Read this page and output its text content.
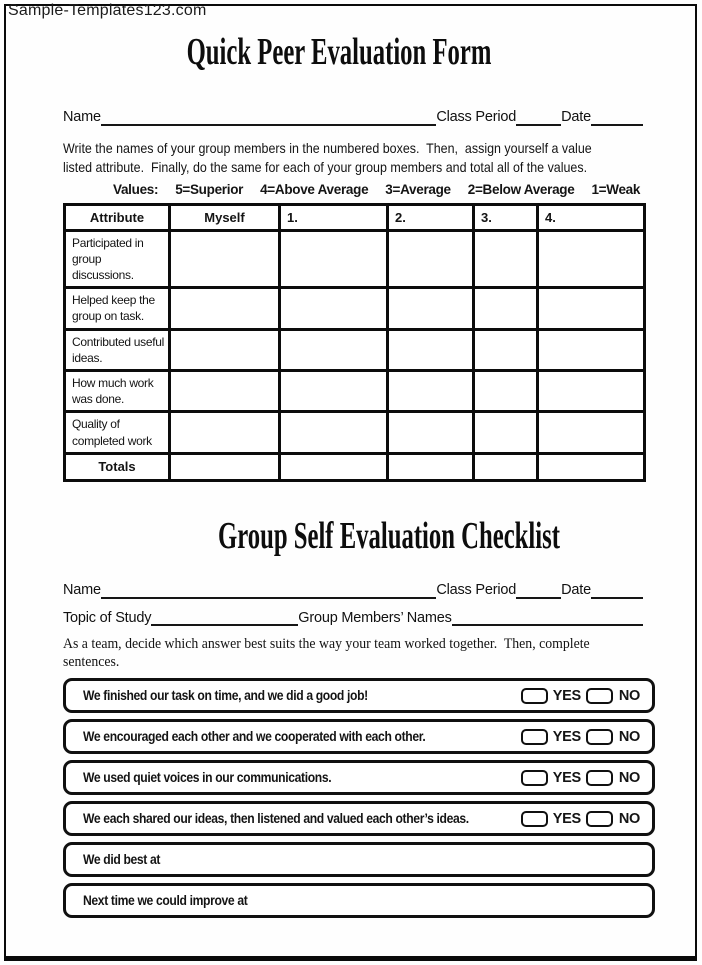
Sample-Templates123.com
Quick Peer Evaluation Form
Name	Class Period	Date

Write the names of your group members in the numbered boxes.  Then,  assign yourself a value
listed attribute.  Finally, do the same for each of your group members and total all of the values.

Values: 5=Superior 4=Above Average 3=Average 2=Below Average 1=Weak
Attribute	Myself	1.	2.	3.	4.
Participated in group discussions.					
Helped keep the group on task.					
Contributed useful ideas.					
How much work was done.					
Quality of completed work					
Totals					
Group Self Evaluation Checklist
Name	Class Period	Date
Topic of Study	Group Members’ Names

As a team, decide which answer best suits the way your team worked together.  Then, complete
sentences.

We finished our task on time, and we did a good job!	YES	NO
We encouraged each other and we cooperated with each other.	YES	NO
We used quiet voices in our communications.	YES	NO
We each shared our ideas, then listened and valued each other’s ideas.	YES	NO
We did best at
Next time we could improve at
